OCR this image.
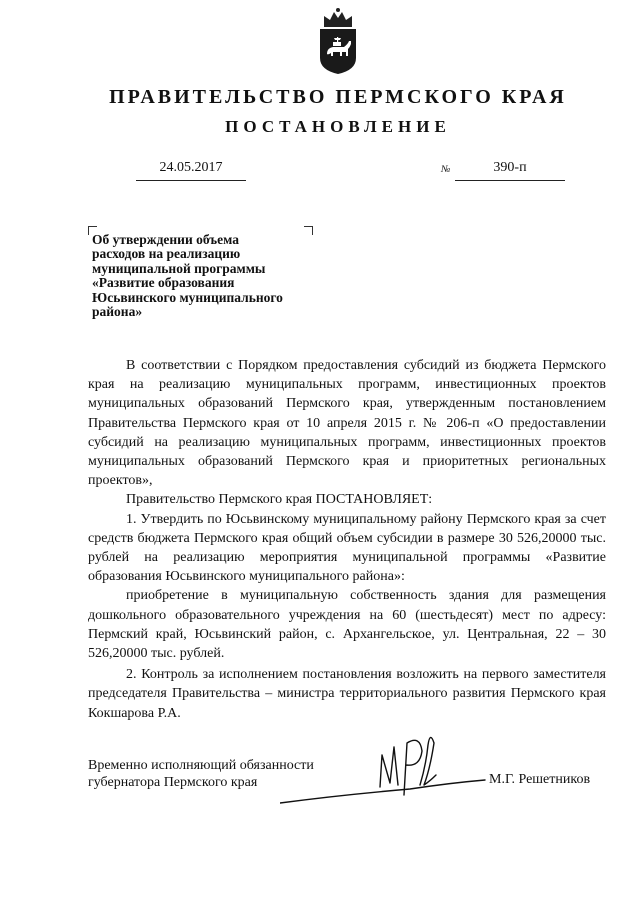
ПРАВИТЕЛЬСТВО ПЕРМСКОГО КРАЯ
ПОСТАНОВЛЕНИЕ
24.05.2017	№	390-п
Об утверждении объема
расходов на реализацию
муниципальной программы
«Развитие образования
Юсьвинского муниципального
района»

В соответствии с Порядком предоставления субсидий из бюджета Пермского края на реализацию муниципальных программ, инвестиционных проектов муниципальных образований Пермского края, утвержденным постановлением Правительства Пермского края от 10 апреля 2015 г. № 206-п «О предоставлении субсидий на реализацию муниципальных программ, инвестиционных проектов муниципальных образований Пермского края и приоритетных региональных проектов»,

Правительство Пермского края ПОСТАНОВЛЯЕТ:

1. Утвердить по Юсьвинскому муниципальному району Пермского края за счет средств бюджета Пермского края общий объем субсидии в размере 30 526,20000 тыс. рублей на реализацию мероприятия муниципальной программы «Развитие образования Юсьвинского муниципального района»:

приобретение в муниципальную собственность здания для размещения дошкольного образовательного учреждения на 60 (шестьдесят) мест по адресу: Пермский край, Юсьвинский район, с. Архангельское, ул. Центральная, 22 – 30 526,20000 тыс. рублей.

2. Контроль за исполнением постановления возложить на первого заместителя председателя Правительства – министра территориального развития Пермского края Кокшарова Р.А.

Временно исполняющий обязанности
губернатора Пермского края	М.Г. Решетников
